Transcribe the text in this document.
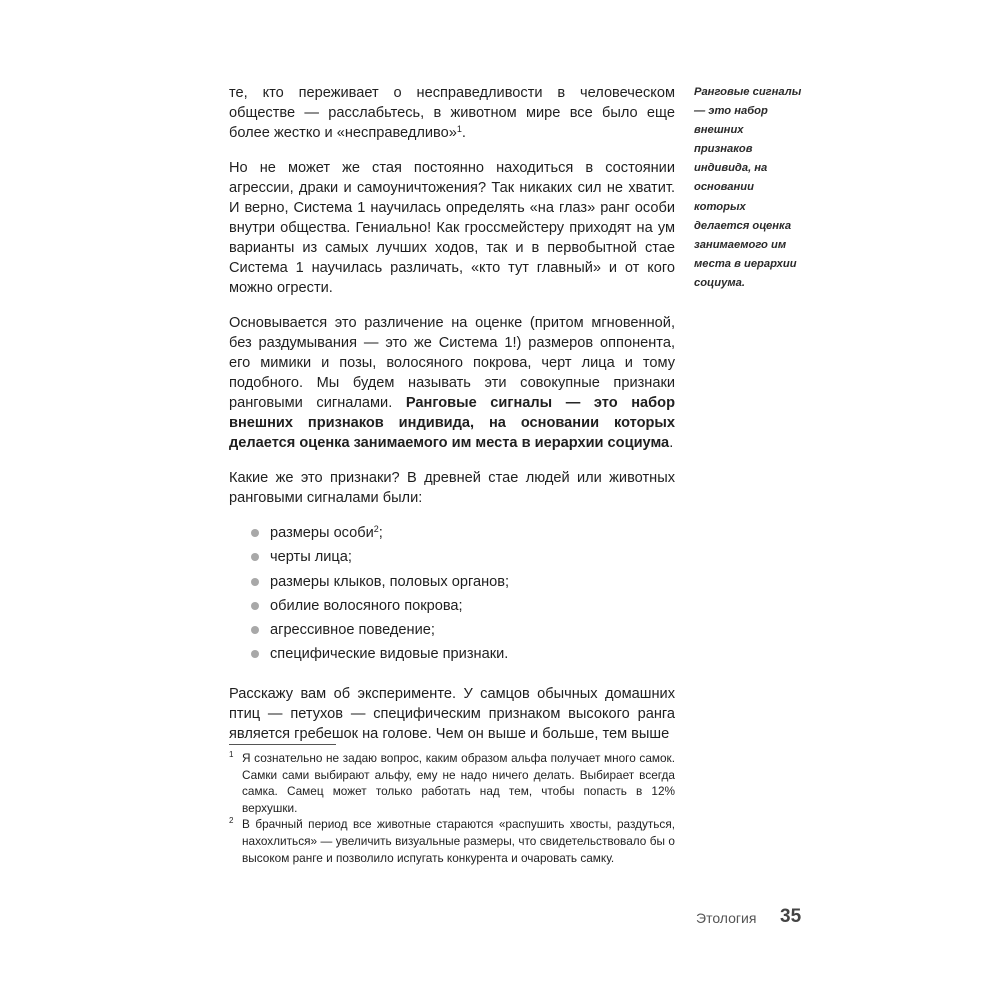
те, кто переживает о несправедливости в человеческом обществе — расслабьтесь, в животном мире все было еще более жестко и «несправедливо»$^1$.

Но не может же стая постоянно находиться в состоянии агрессии, драки и самоуничтожения? Так никаких сил не хватит. И верно, Система 1 научилась определять «на глаз» ранг особи внутри общества. Гениально! Как гроссмейстеру приходят на ум варианты из самых лучших ходов, так и в первобытной стае Система 1 научилась различать, «кто тут главный» и от кого можно огрести.

Основывается это различение на оценке (притом мгновенной, без раздумывания — это же Система 1!) размеров оппонента, его мимики и позы, волосяного покрова, черт лица и тому подобного. Мы будем называть эти совокупные признаки ранговыми сигналами. Ранговые сигналы — это набор внешних признаков индивида, на основании которых делается оценка занимаемого им места в иерархии социума.

Какие же это признаки? В древней стае людей или животных ранговыми сигналами были:

размеры особи$^2$;
черты лица;
размеры клыков, половых органов;
обилие волосяного покрова;
агрессивное поведение;
специфические видовые признаки.

Расскажу вам об эксперименте. У самцов обычных домашних птиц — петухов — специфическим признаком высокого ранга является гребешок на голове. Чем он выше и больше, тем выше

Ранговые сигналы — это набор внешних признаков индивида, на основании которых делается оценка занимаемого им места в иерархии социума.

1 Я сознательно не задаю вопрос, каким образом альфа получает много самок. Самки сами выбирают альфу, ему не надо ничего делать. Выбирает всегда самка. Самец может только работать над тем, чтобы попасть в 12% верхушки.

2 В брачный период все животные стараются «распушить хвосты, раздуться, нахохлиться» — увеличить визуальные размеры, что свидетельствовало бы о высоком ранге и позволило испугать конкурента и очаровать самку.

Этология 35
